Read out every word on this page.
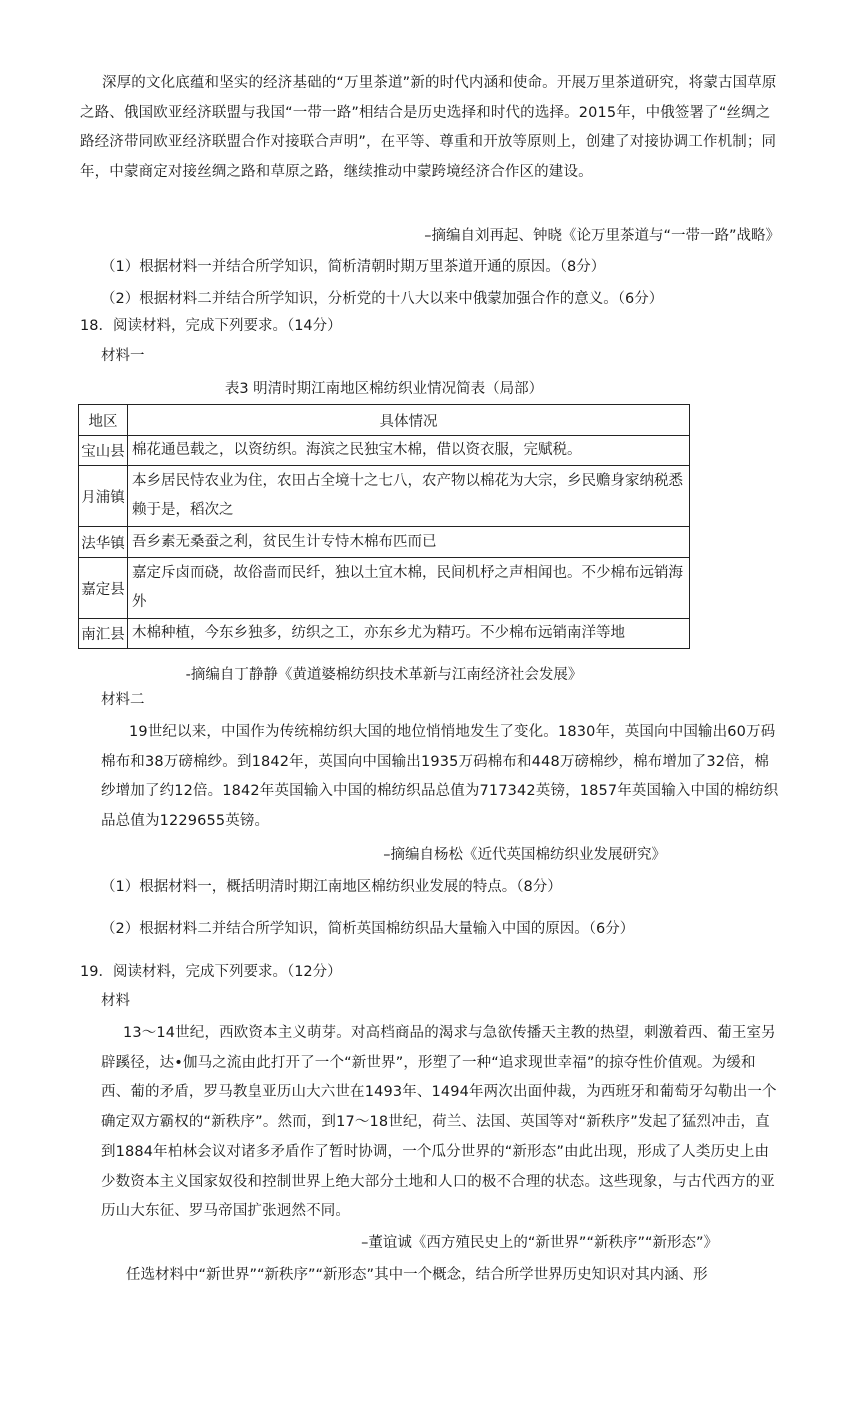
深厚的文化底蕴和坚实的经济基础的“万里茶道”新的时代内涵和使命。开展万里茶道研究，将蒙古国草原之路、俄国欧亚经济联盟与我国“一带一路”相结合是历史选择和时代的选择。2015年，中俄签署了“丝绸之路经济带同欧亚经济联盟合作对接联合声明”，在平等、尊重和开放等原则上，创建了对接协调工作机制；同年，中蒙商定对接丝绸之路和草原之路，继续推动中蒙跨境经济合作区的建设。

–摘编自刘再起、钟晓《论万里茶道与“一带一路”战略》
（1）根据材料一并结合所学知识，简析清朝时期万里茶道开通的原因。（8分）
（2）根据材料二并结合所学知识，分析党的十八大以来中俄蒙加强合作的意义。（6分）
18．阅读材料，完成下列要求。（14分）
材料一
表3 明清时期江南地区棉纺织业情况简表（局部）
地区	具体情况
宝山县	棉花通邑载之，以资纺织。海滨之民独宝木棉，借以资衣服，完赋税。
月浦镇	本乡居民恃农业为住，农田占全境十之七八，农产物以棉花为大宗，乡民赡身家纳税悉赖于是，稻次之
法华镇	吾乡素无桑蚕之利，贫民生计专恃木棉布匹而已
嘉定县	嘉定斥卤而硗，故俗啬而民纤，独以土宜木棉，民间机杼之声相闻也。不少棉布远销海外
南汇县	木棉种植，今东乡独多，纺织之工，亦东乡尤为精巧。不少棉布远销南洋等地
-摘编自丁静静《黄道婆棉纺织技术革新与江南经济社会发展》
材料二

19世纪以来，中国作为传统棉纺织大国的地位悄悄地发生了变化。1830年，英国向中国输出60万码棉布和38万磅棉纱。到1842年，英国向中国输出1935万码棉布和448万磅棉纱，棉布增加了32倍，棉纱增加了约12倍。1842年英国输入中国的棉纺织品总值为717342英镑，1857年英国输入中国的棉纺织品总值为1229655英镑。

–摘编自杨松《近代英国棉纺织业发展研究》
（1）根据材料一，概括明清时期江南地区棉纺织业发展的特点。（8分）
（2）根据材料二并结合所学知识，简析英国棉纺织品大量输入中国的原因。（6分）
19．阅读材料，完成下列要求。（12分）
材料

13～14世纪，西欧资本主义萌芽。对高档商品的渴求与急欲传播天主教的热望，刺激着西、葡王室另辟蹊径，达•伽马之流由此打开了一个“新世界”，形塑了一种“追求现世幸福”的掠夺性价值观。为缓和西、葡的矛盾，罗马教皇亚历山大六世在1493年、1494年两次出面仲裁，为西班牙和葡萄牙勾勒出一个确定双方霸权的“新秩序”。然而，到17～18世纪，荷兰、法国、英国等对“新秩序”发起了猛烈冲击，直到1884年柏林会议对诸多矛盾作了暂时协调，一个瓜分世界的“新形态”由此出现，形成了人类历史上由少数资本主义国家奴役和控制世界上绝大部分土地和人口的极不合理的状态。这些现象，与古代西方的亚历山大东征、罗马帝国扩张迥然不同。

–董谊诚《西方殖民史上的“新世界”“新秩序”“新形态”》
任选材料中“新世界”“新秩序”“新形态”其中一个概念，结合所学世界历史知识对其内涵、形
